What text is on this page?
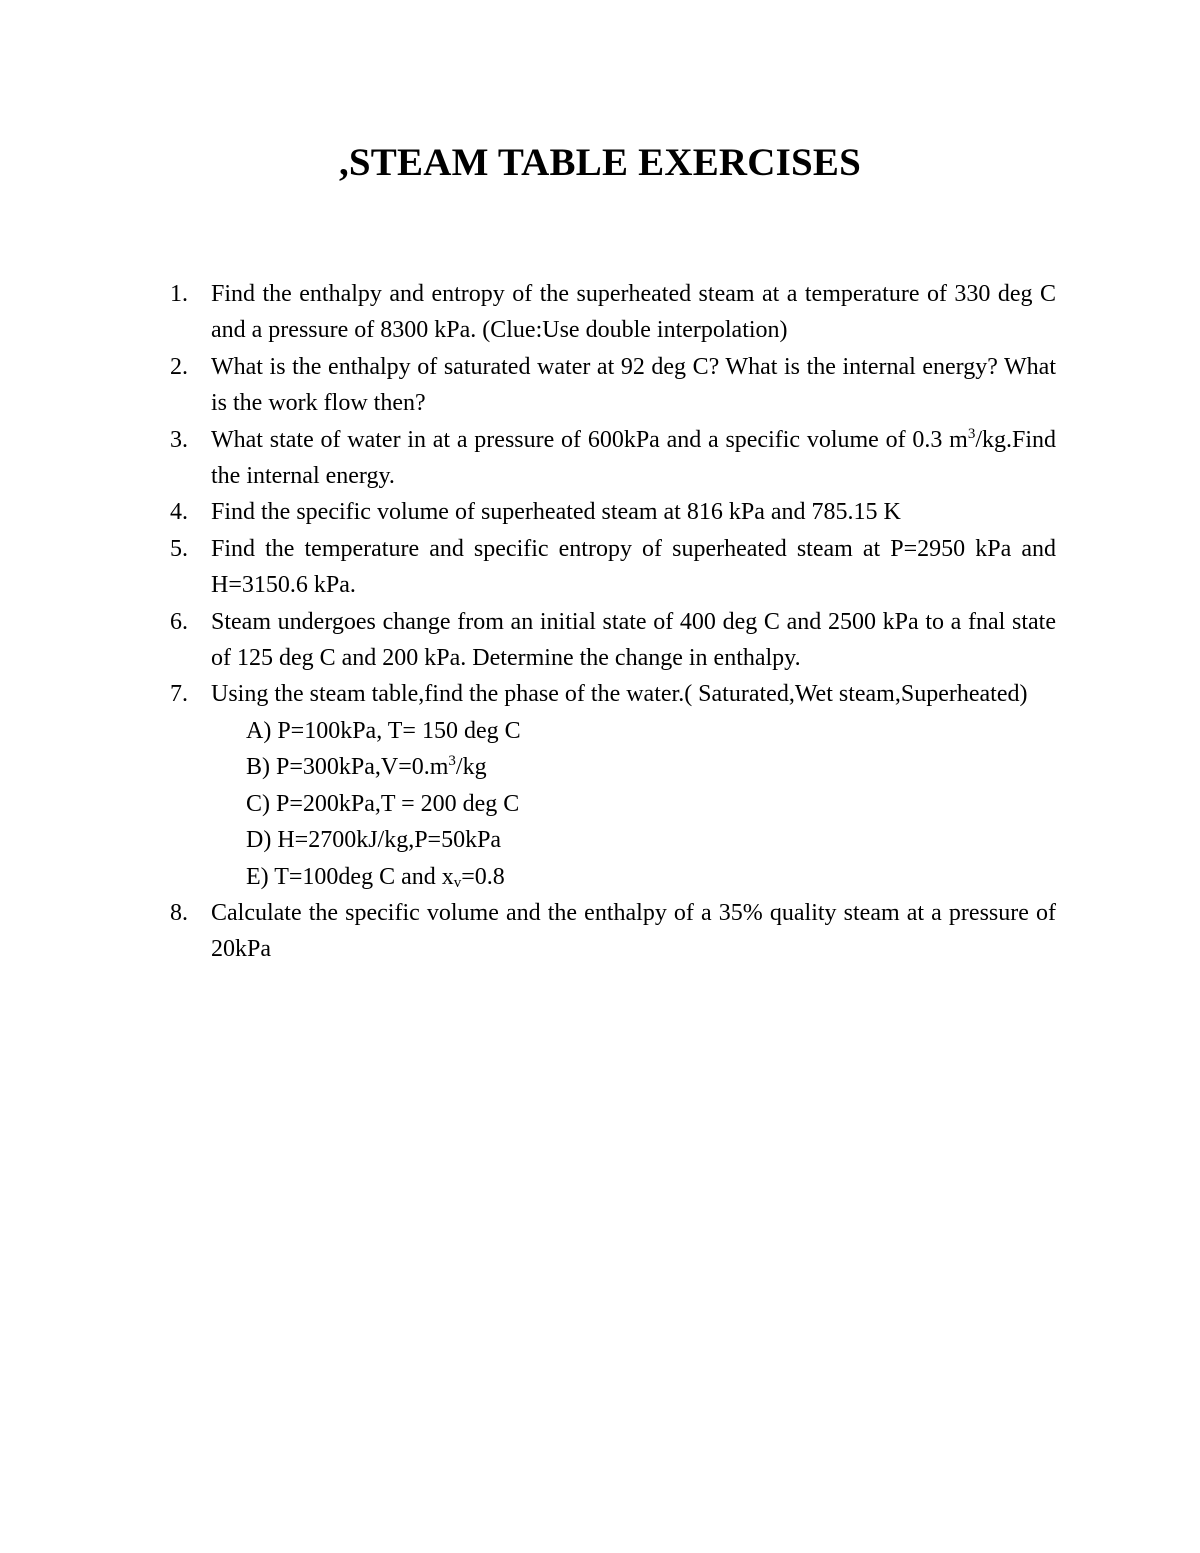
,STEAM TABLE EXERCISES
1. Find the enthalpy and entropy of the superheated steam at a temperature of 330 deg C and a pressure of 8300 kPa. (Clue:Use double interpolation)
2. What is the enthalpy of saturated water at 92 deg C? What is the internal energy? What is the work flow then?
3. What state of water in at a pressure of 600kPa and a specific volume of 0.3 $m^3/kg.Find$ the internal energy.
4. Find the specific volume of superheated steam at 816 kPa and 785.15 K
5. Find the temperature and specific entropy of superheated steam at P=2950 kPa and H=3150.6 kPa.
6. Steam undergoes change from an initial state of 400 deg C and 2500 kPa to a fnal state of 125 deg C and 200 kPa. Determine the change in enthalpy.
7. Using the steam table,find the phase of the water.( Saturated,Wet steam,Superheated)
A) P=100kPa, T= 150 deg C
B) $P=300kPa,V=0.m^3/kg$
C) P=200kPa,T = 200 deg C
D) H=2700kJ/kg,P=50kPa
E) T=100deg C and $x_v=0.8$
8. Calculate the specific volume and the enthalpy of a 35% quality steam at a pressure of 20kPa
